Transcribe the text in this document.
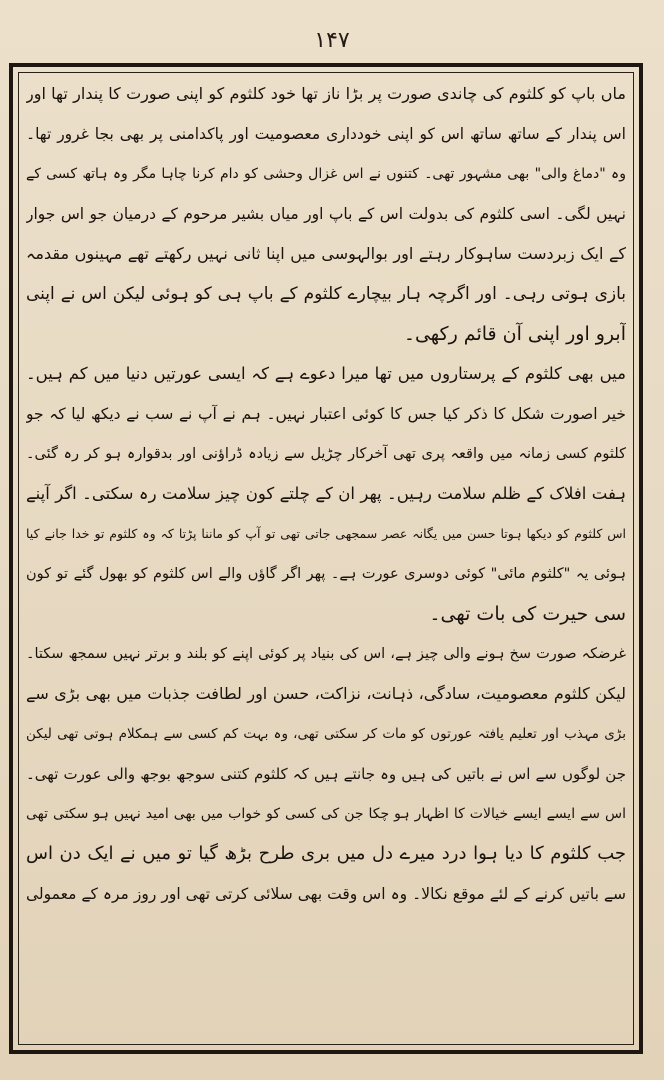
۱۴۷
ماں باپ کو کلثوم کی چاندی صورت پر بڑا ناز تھا خود کلثوم کو اپنی صورت کا پندار تھا اور
اس پندار کے ساتھ ساتھ اس کو اپنی خودداری معصومیت اور پاکدامنی پر بھی بجا غرور تھا۔
وہ "دماغ والی" بھی مشہور تھی۔ کتنوں نے اس غزال وحشی کو دام کرنا چاہا مگر وہ ہاتھ کسی کے
نہیں لگی۔ اسی کلثوم کی بدولت اس کے باپ اور میاں بشیر مرحوم کے درمیان جو اس جوار
کے ایک زبردست ساہوکار رہتے اور بوالہوسی میں اپنا ثانی نہیں رکھتے تھے مہینوں مقدمہ
بازی ہوتی رہی۔ اور اگرچہ ہار بیچارے کلثوم کے باپ ہی کو ہوئی لیکن اس نے اپنی
آبرو اور اپنی آن قائم رکھی۔
میں بھی کلثوم کے پرستاروں میں تھا میرا دعوے ہے کہ ایسی عورتیں دنیا میں کم ہیں۔
خیر اصورت شکل کا ذکر کیا جس کا کوئی اعتبار نہیں۔ ہم نے آپ نے سب نے دیکھ لیا کہ جو
کلثوم کسی زمانہ میں واقعہ پری تھی آخرکار چڑیل سے زیادہ ڈراؤنی اور بدقوارہ ہو کر رہ گئی۔
ہفت افلاک کے ظلم سلامت رہیں۔ پھر ان کے چلتے کون چیز سلامت رہ سکتی۔ اگر آپنے
اس کلثوم کو دیکھا ہوتا حسن میں یگانہ عصر سمجھی جاتی تھی تو آپ کو ماننا پڑتا کہ وہ کلثوم تو خدا جانے کیا
ہوئی یہ "کلثوم مائی" کوئی دوسری عورت ہے۔ پھر اگر گاؤں والے اس کلثوم کو بھول گئے تو کون
سی حیرت کی بات تھی۔
غرضکہ صورت سخ ہونے والی چیز ہے، اس کی بنیاد پر کوئی اپنے کو بلند و برتر نہیں سمجھ سکتا۔
لیکن کلثوم معصومیت، سادگی، ذہانت، نزاکت، حسن اور لطافت جذبات میں بھی بڑی سے
بڑی مہذب اور تعلیم یافتہ عورتوں کو مات کر سکتی تھی، وہ بہت کم کسی سے ہمکلام ہوتی تھی لیکن
جن لوگوں سے اس نے باتیں کی ہیں وہ جانتے ہیں کہ کلثوم کتنی سوجھ بوجھ والی عورت تھی۔
اس سے ایسے ایسے خیالات کا اظہار ہو چکا جن کی کسی کو خواب میں بھی امید نہیں ہو سکتی تھی
جب کلثوم کا دیا ہوا درد میرے دل میں بری طرح بڑھ گیا تو میں نے ایک دن اس
سے باتیں کرنے کے لئے موقع نکالا۔ وہ اس وقت بھی سلائی کرتی تھی اور روز مرہ کے معمولی
